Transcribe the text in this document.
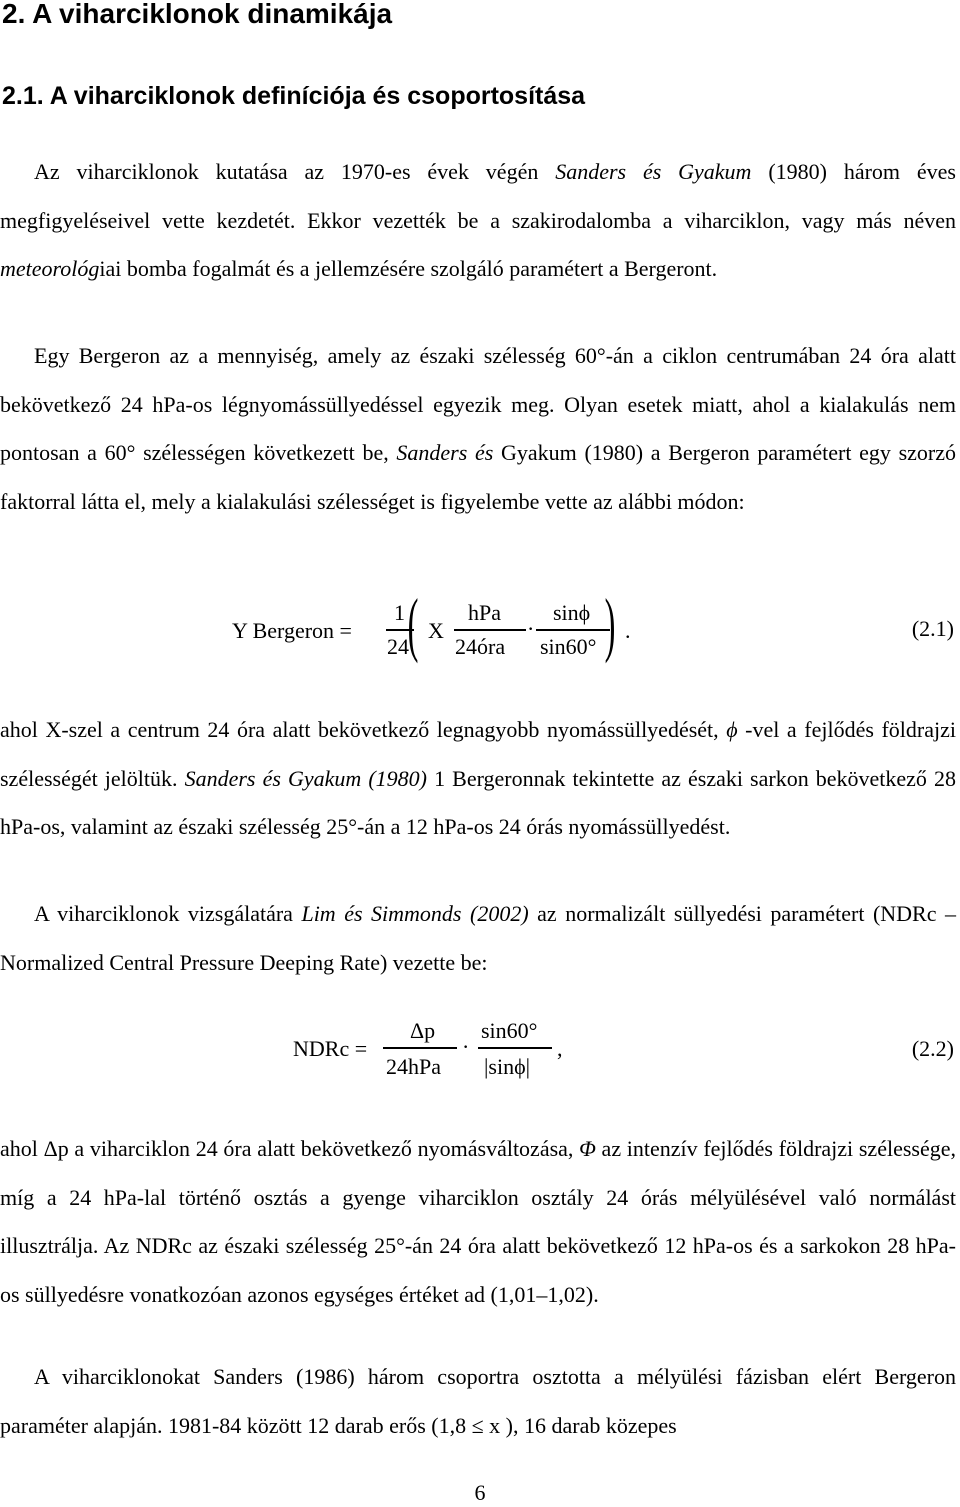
2. A viharciklonok dinamikája
2.1. A viharciklonok definíciója és csoportosítása

Az viharciklonok kutatása az 1970-es évek végén Sanders és Gyakum (1980) három éves megfigyeléseivel vette kezdetét. Ekkor vezették be a szakirodalomba a viharciklon, vagy más néven meteorológiai bomba fogalmát és a jellemzésére szolgáló paramétert a Bergeront.

Egy Bergeron az a mennyiség, amely az északi szélesség 60°-án a ciklon centrumában 24 óra alatt bekövetkező 24 hPa-os légnyomássüllyedéssel egyezik meg. Olyan esetek miatt, ahol a kialakulás nem pontosan a 60° szélességen következett be, Sanders és Gyakum (1980) a Bergeron paramétert egy szorzó faktorral látta el, mely a kialakulási szélességet is figyelembe vette az alábbi módon:

Y Bergeron =
1
24
( X
hPa
24óra
·
sinϕ
sin60° ) .	(2.1)

ahol X-szel a centrum 24 óra alatt bekövetkező legnagyobb nyomássüllyedését, ϕ -vel a fejlődés földrajzi szélességét jelöltük. Sanders és Gyakum (1980) 1 Bergeronnak tekintette az északi sarkon bekövetkező 28 hPa-os, valamint az északi szélesség 25°-án a 12 hPa-os 24 órás nyomássüllyedést.

A viharciklonok vizsgálatára Lim és Simmonds (2002) az normalizált süllyedési paramétert (NDRc – Normalized Central Pressure Deeping Rate) vezette be:

NDRc =
Δp
24hPa
·
sin60°
|sinϕ|
,	(2.2)

ahol Δp a viharciklon 24 óra alatt bekövetkező nyomásváltozása, Φ az intenzív fejlődés földrajzi szélessége, míg a 24 hPa-lal történő osztás a gyenge viharciklon osztály 24 órás mélyülésével való normálást illusztrálja. Az NDRc az északi szélesség 25°-án 24 óra alatt bekövetkező 12 hPa-os és a sarkokon 28 hPa-os süllyedésre vonatkozóan azonos egységes értéket ad (1,01–1,02).

A viharciklonokat Sanders (1986) három csoportra osztotta a mélyülési fázisban elért Bergeron paraméter alapján. 1981-84 között 12 darab erős (1,8 ≤ x ), 16 darab közepes

6
